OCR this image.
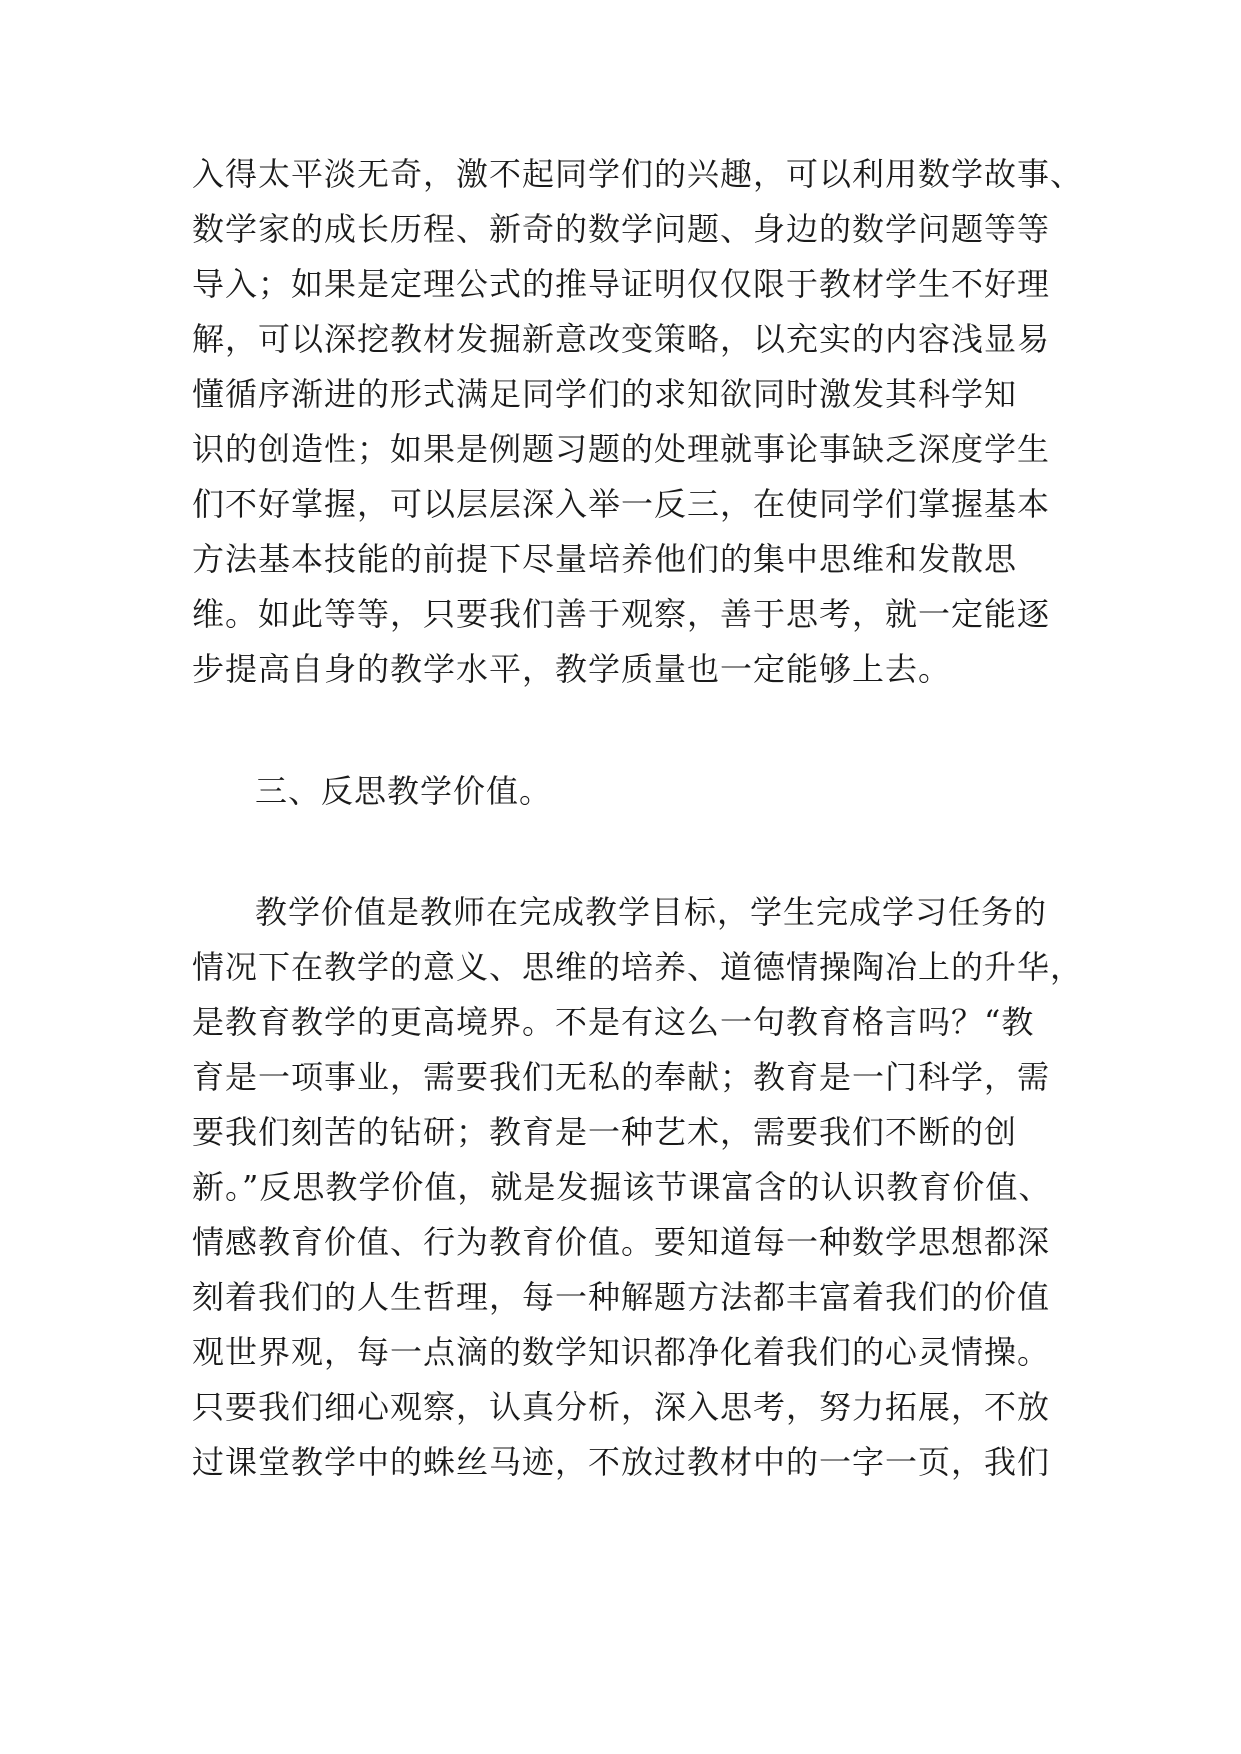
入得太平淡无奇，激不起同学们的兴趣，可以利用数学故事、
数学家的成长历程、新奇的数学问题、身边的数学问题等等
导入；如果是定理公式的推导证明仅仅限于教材学生不好理
解，可以深挖教材发掘新意改变策略，以充实的内容浅显易
懂循序渐进的形式满足同学们的求知欲同时激发其科学知
识的创造性；如果是例题习题的处理就事论事缺乏深度学生
们不好掌握，可以层层深入举一反三，在使同学们掌握基本
方法基本技能的前提下尽量培养他们的集中思维和发散思
维。如此等等，只要我们善于观察，善于思考，就一定能逐
步提高自身的教学水平，教学质量也一定能够上去。
三、反思教学价值。
教学价值是教师在完成教学目标，学生完成学习任务的
情况下在教学的意义、思维的培养、道德情操陶冶上的升华，
是教育教学的更高境界。不是有这么一句教育格言吗？“教
育是一项事业，需要我们无私的奉献；教育是一门科学，需
要我们刻苦的钻研；教育是一种艺术，需要我们不断的创
新。”反思教学价值，就是发掘该节课富含的认识教育价值、
情感教育价值、行为教育价值。要知道每一种数学思想都深
刻着我们的人生哲理，每一种解题方法都丰富着我们的价值
观世界观，每一点滴的数学知识都净化着我们的心灵情操。
只要我们细心观察，认真分析，深入思考，努力拓展，不放
过课堂教学中的蛛丝马迹，不放过教材中的一字一页，我们
